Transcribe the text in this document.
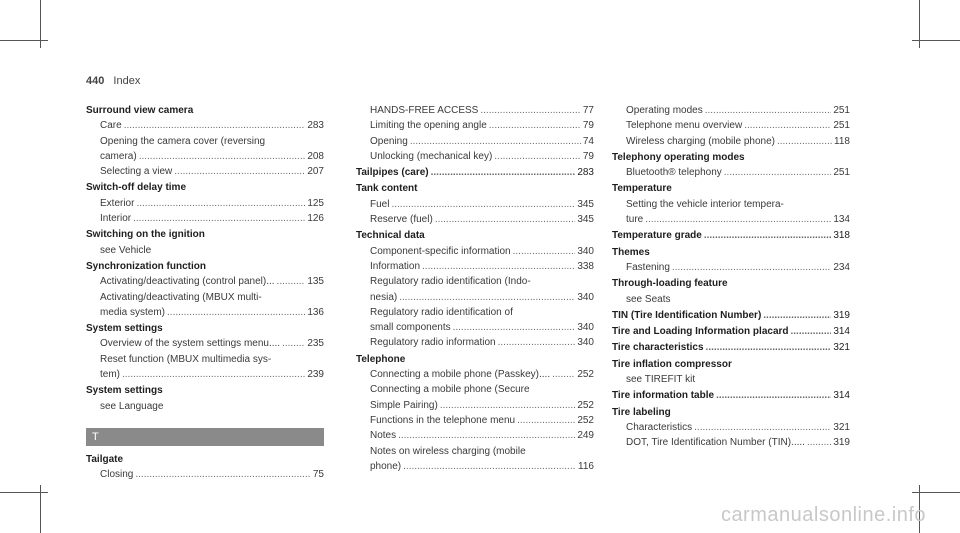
440 Index
Surround view camera
Care .....	283
Opening the camera cover (reversing
camera) .....	208
Selecting a view .....	207
Switch-off delay time
Exterior .....	125
Interior .....	126
Switching on the ignition
see Vehicle
Synchronization function
Activating/deactivating (control panel)... .....	135
Activating/deactivating (MBUX multi-
media system) .....	136
System settings
Overview of the system settings menu.... .....	235
Reset function (MBUX multimedia sys-
tem) .....	239
System settings
see Language
T
Tailgate
Closing .....	75
HANDS-FREE ACCESS .....	77
Limiting the opening angle .....	79
Opening .....	74
Unlocking (mechanical key) .....	79
Tailpipes (care) .....	283
Tank content
Fuel .....	345
Reserve (fuel) .....	345
Technical data
Component-specific information .....	340
Information .....	338
Regulatory radio identification (Indo-
nesia) .....	340
Regulatory radio identification of
small components .....	340
Regulatory radio information .....	340
Telephone
Connecting a mobile phone (Passkey).... .....	252
Connecting a mobile phone (Secure
Simple Pairing) .....	252
Functions in the telephone menu .....	252
Notes .....	249
Notes on wireless charging (mobile
phone) .....	116
Operating modes .....	251
Telephone menu overview .....	251
Wireless charging (mobile phone) .....	118
Telephony operating modes
Bluetooth® telephony .....	251
Temperature
Setting the vehicle interior tempera-
ture .....	134
Temperature grade .....	318
Themes
Fastening .....	234
Through-loading feature
see Seats
TIN (Tire Identification Number) .....	319
Tire and Loading Information placard .....	314
Tire characteristics .....	321
Tire inflation compressor
see TIREFIT kit
Tire information table .....	314
Tire labeling
Characteristics .....	321
DOT, Tire Identification Number (TIN)..... .....	319
carmanualsonline.info
